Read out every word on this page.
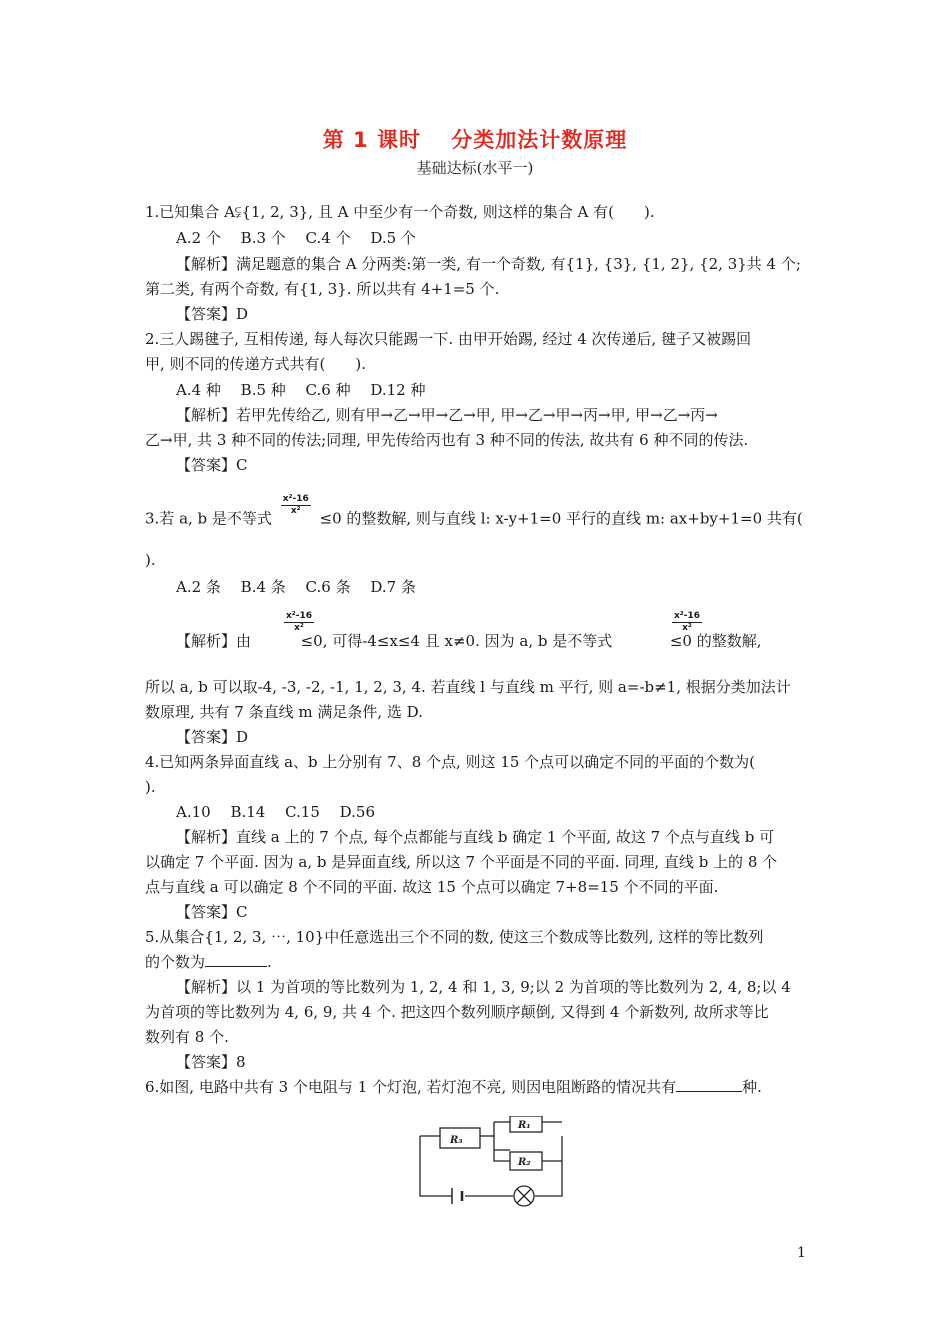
第 1 课时　 分类加法计数原理
基础达标(水平一)
1.已知集合 A⫋{1, 2, 3}, 且 A 中至少有一个奇数, 则这样的集合 A 有(　　).
A.2 个　 B.3 个　 C.4 个　 D.5 个
【解析】满足题意的集合 A 分两类:第一类, 有一个奇数, 有{1}, {3}, {1, 2}, {2, 3}共 4 个;
第二类, 有两个奇数, 有{1, 3}. 所以共有 4+1=5 个.
【答案】D
2.三人踢毽子, 互相传递, 每人每次只能踢一下. 由甲开始踢, 经过 4 次传递后, 毽子又被踢回
甲, 则不同的传递方式共有(　　).
A.4 种　 B.5 种　 C.6 种　 D.12 种
【解析】若甲先传给乙, 则有甲→乙→甲→乙→甲, 甲→乙→甲→丙→甲, 甲→乙→丙→
乙→甲, 共 3 种不同的传法;同理, 甲先传给丙也有 3 种不同的传法, 故共有 6 种不同的传法.
【答案】C
3.若 a, b 是不等式
$\frac{\text{x²-16}}{\text{x²}}$
≤0 的整数解, 则与直线 l: x-y+1=0 平行的直线 m: ax+by+1=0 共有(
).
A.2 条　 B.4 条　 C.6 条　 D.7 条
【解析】由
$\frac{\text{x²-16}}{\text{x²}}$
≤0, 可得-4≤x≤4 且 x≠0. 因为 a, b 是不等式
$\frac{\text{x²-16}}{\text{x²}}$
≤0 的整数解,
所以 a, b 可以取-4, -3, -2, -1, 1, 2, 3, 4. 若直线 l 与直线 m 平行, 则 a=-b≠1, 根据分类加法计
数原理, 共有 7 条直线 m 满足条件, 选 D.
【答案】D
4.已知两条异面直线 a、b 上分别有 7、8 个点, 则这 15 个点可以确定不同的平面的个数为(
).
A.10　 B.14　 C.15　 D.56
【解析】直线 a 上的 7 个点, 每个点都能与直线 b 确定 1 个平面, 故这 7 个点与直线 b 可
以确定 7 个平面. 因为 a, b 是异面直线, 所以这 7 个平面是不同的平面. 同理, 直线 b 上的 8 个
点与直线 a 可以确定 8 个不同的平面. 故这 15 个点可以确定 7+8=15 个不同的平面.
【答案】C
5.从集合{1, 2, 3, ⋯, 10}中任意选出三个不同的数, 使这三个数成等比数列, 这样的等比数列
的个数为	.
【解析】以 1 为首项的等比数列为 1, 2, 4 和 1, 3, 9;以 2 为首项的等比数列为 2, 4, 8;以 4
为首项的等比数列为 4, 6, 9, 共 4 个. 把这四个数列顺序颠倒, 又得到 4 个新数列, 故所求等比
数列有 8 个.
【答案】8
6.如图, 电路中共有 3 个电阻与 1 个灯泡, 若灯泡不亮, 则因电阻断路的情况共有	种.
R₃
R₁
R₂
1
